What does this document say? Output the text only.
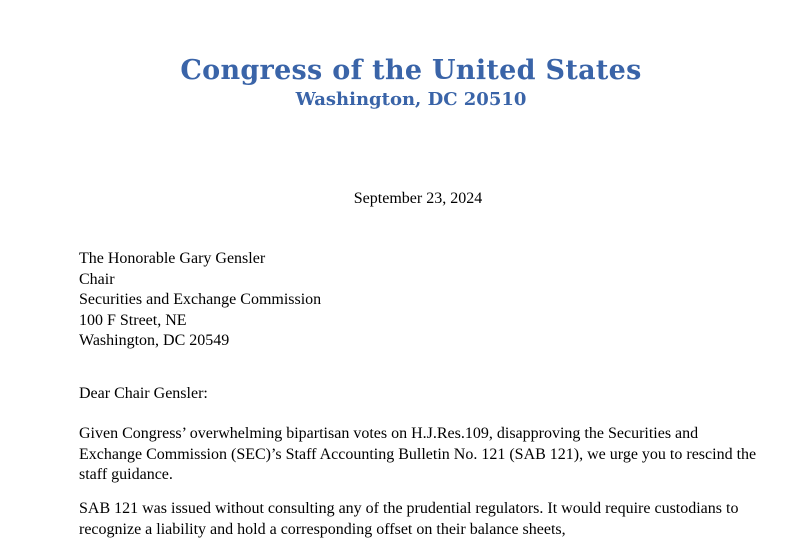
Congress of the United States
Washington, DC 20510
September 23, 2024
The Honorable Gary Gensler
Chair
Securities and Exchange Commission
100 F Street, NE
Washington, DC 20549
Dear Chair Gensler:

Given Congress’ overwhelming bipartisan votes on H.J.Res.109, disapproving the Securities and Exchange Commission (SEC)’s Staff Accounting Bulletin No. 121 (SAB 121), we urge you to rescind the staff guidance.

SAB 121 was issued without consulting any of the prudential regulators. It would require custodians to recognize a liability and hold a corresponding offset on their balance sheets,
